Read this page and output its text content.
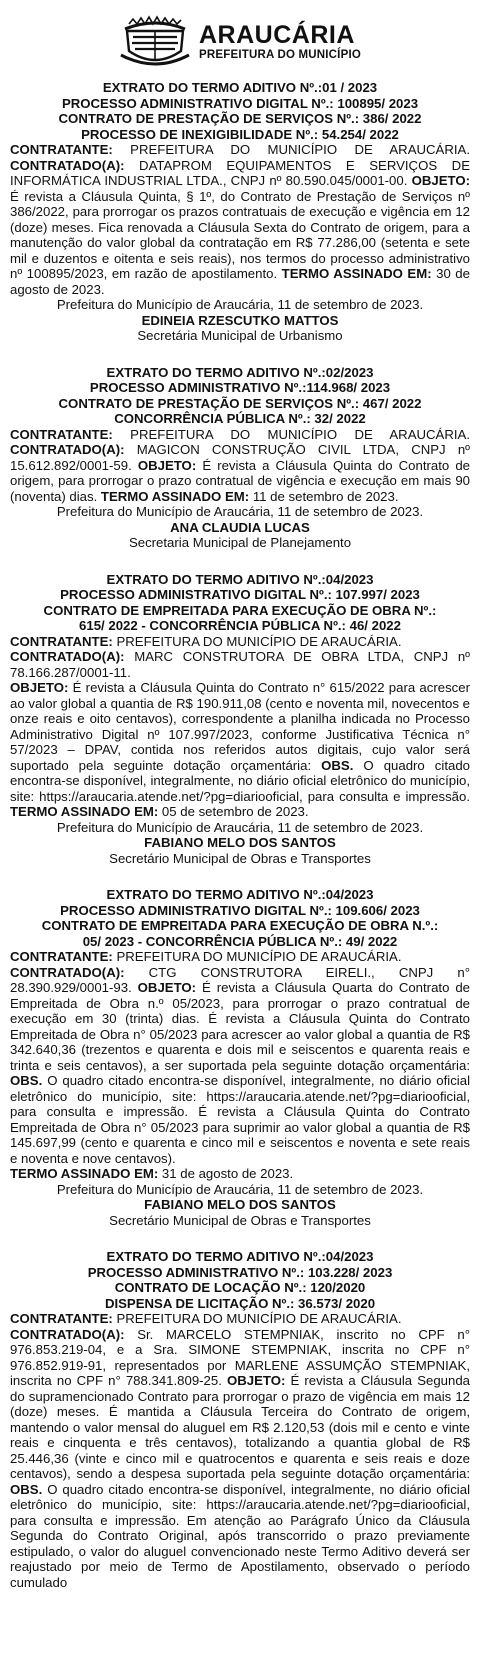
ARAUCÁRIA
PREFEITURA DO MUNICÍPIO
EXTRATO DO TERMO ADITIVO Nº.:01 / 2023
PROCESSO ADMINISTRATIVO DIGITAL Nº.: 100895/ 2023
CONTRATO DE PRESTAÇÃO DE SERVIÇOS Nº.: 386/ 2022
PROCESSO DE INEXIGIBILIDADE Nº.: 54.254/ 2022
CONTRATANTE: PREFEITURA DO MUNICÍPIO DE ARAUCÁRIA. CONTRATADO(A): DATAPROM EQUIPAMENTOS E SERVIÇOS DE INFORMÁTICA INDUSTRIAL LTDA., CNPJ nº 80.590.045/0001-00. OBJETO: É revista a Cláusula Quinta, § 1º, do Contrato de Prestação de Serviços nº 386/2022, para prorrogar os prazos contratuais de execução e vigência em 12 (doze) meses. Fica renovada a Cláusula Sexta do Contrato de origem, para a manutenção do valor global da contratação em R$ 77.286,00 (setenta e sete mil e duzentos e oitenta e seis reais), nos termos do processo administrativo nº 100895/2023, em razão de apostilamento. TERMO ASSINADO EM: 30 de agosto de 2023.
Prefeitura do Município de Araucária, 11 de setembro de 2023.
EDINEIA RZESCUTKO MATTOS
Secretária Municipal de Urbanismo
EXTRATO DO TERMO ADITIVO Nº.:02/2023
PROCESSO ADMINISTRATIVO Nº.:114.968/ 2023
CONTRATO DE PRESTAÇÃO DE SERVIÇOS Nº.: 467/ 2022
CONCORRÊNCIA PÚBLICA Nº.: 32/ 2022
CONTRATANTE: PREFEITURA DO MUNICÍPIO DE ARAUCÁRIA. CONTRATADO(A): MAGICON CONSTRUÇÃO CIVIL LTDA, CNPJ nº 15.612.892/0001-59. OBJETO: É revista a Cláusula Quinta do Contrato de origem, para prorrogar o prazo contratual de vigência e execução em mais 90 (noventa) dias. TERMO ASSINADO EM: 11 de setembro de 2023.
Prefeitura do Município de Araucária, 11 de setembro de 2023.
ANA CLAUDIA LUCAS
Secretaria Municipal de Planejamento
EXTRATO DO TERMO ADITIVO Nº.:04/2023
PROCESSO ADMINISTRATIVO DIGITAL Nº.: 107.997/ 2023
CONTRATO DE EMPREITADA PARA EXECUÇÃO DE OBRA Nº.:
615/ 2022 - CONCORRÊNCIA PÚBLICA Nº.: 46/ 2022
CONTRATANTE: PREFEITURA DO MUNICÍPIO DE ARAUCÁRIA.
CONTRATADO(A): MARC CONSTRUTORA DE OBRA LTDA, CNPJ nº 78.166.287/0001-11.
OBJETO: É revista a Cláusula Quinta do Contrato n° 615/2022 para acrescer ao valor global a quantia de R$ 190.911,08 (cento e noventa mil, novecentos e onze reais e oito centavos), correspondente a planilha indicada no Processo Administrativo Digital nº 107.997/2023, conforme Justificativa Técnica n° 57/2023 – DPAV, contida nos referidos autos digitais, cujo valor será suportado pela seguinte dotação orçamentária: OBS. O quadro citado encontra-se disponível, integralmente, no diário oficial eletrônico do município, site: https://araucaria.atende.net/?pg=diariooficial, para consulta e impressão. TERMO ASSINADO EM: 05 de setembro de 2023.
Prefeitura do Município de Araucária, 11 de setembro de 2023.
FABIANO MELO DOS SANTOS
Secretário Municipal de Obras e Transportes
EXTRATO DO TERMO ADITIVO Nº.:04/2023
PROCESSO ADMINISTRATIVO DIGITAL Nº.: 109.606/ 2023
CONTRATO DE EMPREITADA PARA EXECUÇÃO DE OBRA N.º.:
05/ 2023 - CONCORRÊNCIA PÚBLICA Nº.: 49/ 2022
CONTRATANTE: PREFEITURA DO MUNICÍPIO DE ARAUCÁRIA.
CONTRATADO(A): CTG CONSTRUTORA EIRELI., CNPJ n° 28.390.929/0001-93. OBJETO: É revista a Cláusula Quarta do Contrato de Empreitada de Obra n.º 05/2023, para prorrogar o prazo contratual de execução em 30 (trinta) dias. É revista a Cláusula Quinta do Contrato Empreitada de Obra n° 05/2023 para acrescer ao valor global a quantia de R$ 342.640,36 (trezentos e quarenta e dois mil e seiscentos e quarenta reais e trinta e seis centavos), a ser suportada pela seguinte dotação orçamentária: OBS. O quadro citado encontra-se disponível, integralmente, no diário oficial eletrônico do município, site: https://araucaria.atende.net/?pg=diariooficial, para consulta e impressão. É revista a Cláusula Quinta do Contrato Empreitada de Obra n° 05/2023 para suprimir ao valor global a quantia de R$ 145.697,99 (cento e quarenta e cinco mil e seiscentos e noventa e sete reais e noventa e nove centavos).
TERMO ASSINADO EM: 31 de agosto de 2023.
Prefeitura do Município de Araucária, 11 de setembro de 2023.
FABIANO MELO DOS SANTOS
Secretário Municipal de Obras e Transportes
EXTRATO DO TERMO ADITIVO Nº.:04/2023
PROCESSO ADMINISTRATIVO Nº.: 103.228/ 2023
CONTRATO DE LOCAÇÃO Nº.: 120/2020
DISPENSA DE LICITAÇÃO Nº.: 36.573/ 2020
CONTRATANTE: PREFEITURA DO MUNICÍPIO DE ARAUCÁRIA.
CONTRATADO(A): Sr. MARCELO STEMPNIAK, inscrito no CPF n° 976.853.219-04, e a Sra. SIMONE STEMPNIAK, inscrita no CPF n° 976.852.919-91, representados por MARLENE ASSUMÇÃO STEMPNIAK, inscrita no CPF n° 788.341.809-25. OBJETO: É revista a Cláusula Segunda do supramencionado Contrato para prorrogar o prazo de vigência em mais 12 (doze) meses. É mantida a Cláusula Terceira do Contrato de origem, mantendo o valor mensal do aluguel em R$ 2.120,53 (dois mil e cento e vinte reais e cinquenta e três centavos), totalizando a quantia global de R$ 25.446,36 (vinte e cinco mil e quatrocentos e quarenta e seis reais e doze centavos), sendo a despesa suportada pela seguinte dotação orçamentária: OBS. O quadro citado encontra-se disponível, integralmente, no diário oficial eletrônico do município, site: https://araucaria.atende.net/?pg=diariooficial, para consulta e impressão. Em atenção ao Parágrafo Único da Cláusula Segunda do Contrato Original, após transcorrido o prazo previamente estipulado, o valor do aluguel convencionado neste Termo Aditivo deverá ser reajustado por meio de Termo de Apostilamento, observado o período cumulado
